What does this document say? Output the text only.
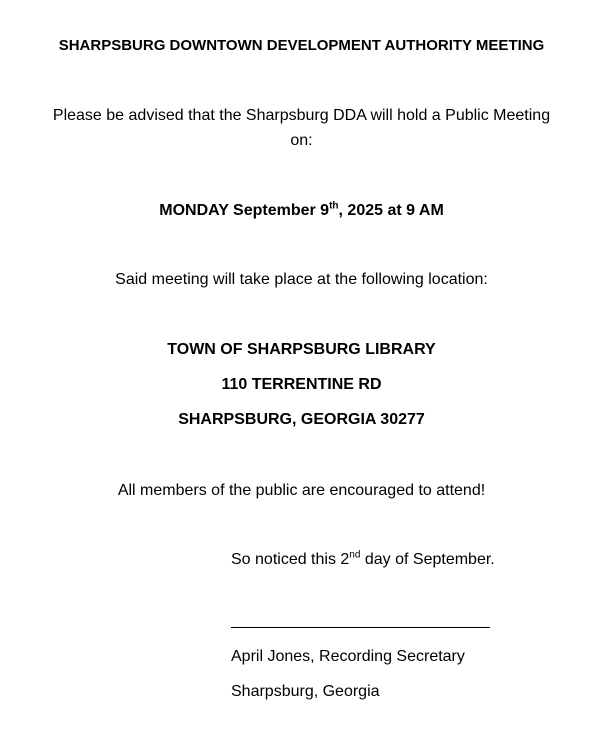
SHARPSBURG DOWNTOWN DEVELOPMENT AUTHORITY MEETING
Please be advised that the Sharpsburg DDA will hold a Public Meeting
on:
MONDAY September 9th, 2025 at 9 AM
Said meeting will take place at the following location:
TOWN OF SHARPSBURG LIBRARY
110 TERRENTINE RD
SHARPSBURG, GEORGIA 30277
All members of the public are encouraged to attend!
So noticed this 2nd day of September.
April Jones, Recording Secretary
Sharpsburg, Georgia
